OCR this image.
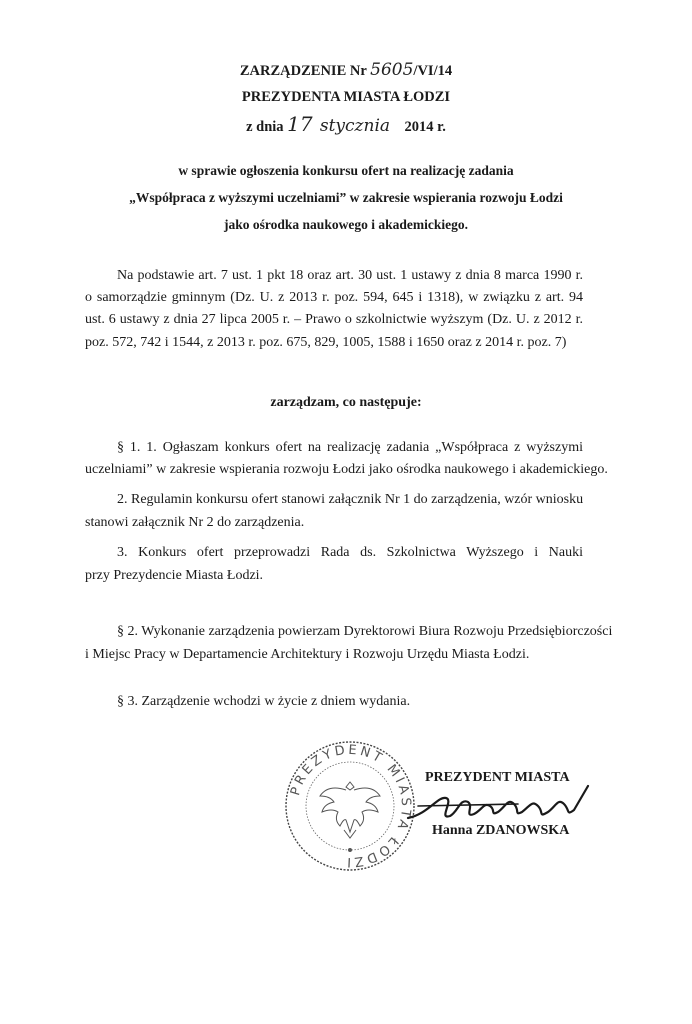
ZARZĄDZENIE Nr 5605/VI/14
PREZYDENTA MIASTA ŁODZI
z dnia 17 stycznia 2014 r.
w sprawie ogłoszenia konkursu ofert na realizację zadania
„Współpraca z wyższymi uczelniami” w zakresie wspierania rozwoju Łodzi
jako ośrodka naukowego i akademickiego.
Na podstawie art. 7 ust. 1 pkt 18 oraz art. 30 ust. 1 ustawy z dnia 8 marca 1990 r.
o samorządzie gminnym (Dz. U. z 2013 r. poz. 594, 645 i 1318), w związku z art. 94
ust. 6 ustawy z dnia 27 lipca 2005 r. – Prawo o szkolnictwie wyższym (Dz. U. z 2012 r.
poz. 572, 742 i 1544, z 2013 r. poz. 675, 829, 1005, 1588 i 1650 oraz z 2014 r. poz. 7)
zarządzam, co następuje:
§ 1. 1. Ogłaszam konkurs ofert na realizację zadania „Współpraca z wyższymi
uczelniami” w zakresie wspierania rozwoju Łodzi jako ośrodka naukowego i akademickiego.
2. Regulamin konkursu ofert stanowi załącznik Nr 1 do zarządzenia, wzór wniosku
stanowi załącznik Nr 2 do zarządzenia.
3. Konkurs ofert przeprowadzi Rada ds. Szkolnictwa Wyższego i Nauki
przy Prezydencie Miasta Łodzi.
§ 2. Wykonanie zarządzenia powierzam Dyrektorowi Biura Rozwoju Przedsiębiorczości
i Miejsc Pracy w Departamencie Architektury i Rozwoju Urzędu Miasta Łodzi.
§ 3. Zarządzenie wchodzi w życie z dniem wydania.
PREZYDENT MIASTA ŁODZI
PREZYDENT MIASTA
Hanna ZDANOWSKA
